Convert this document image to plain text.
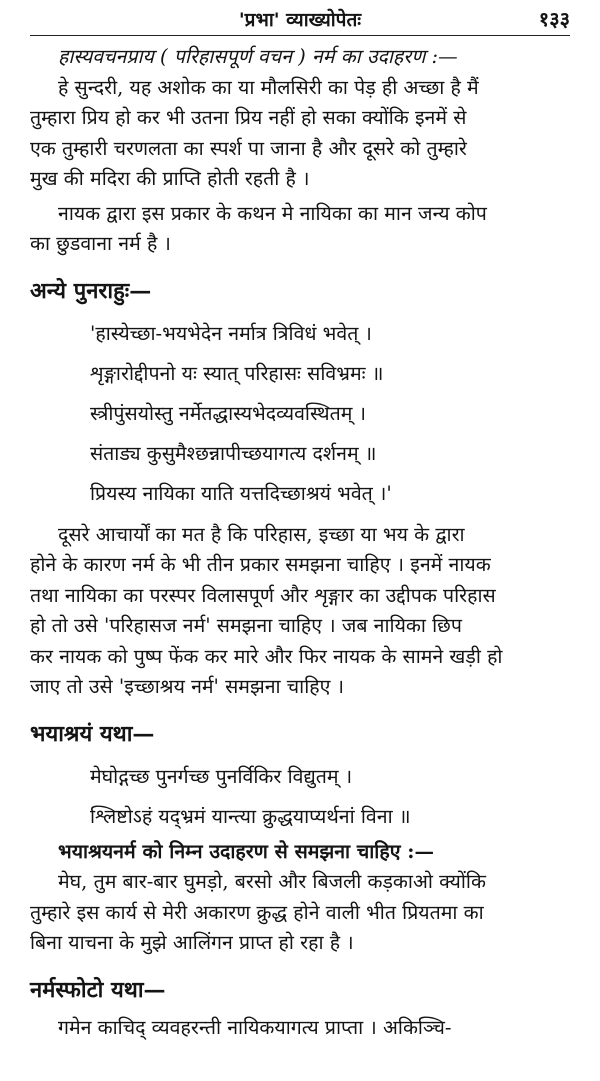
'प्रभा' व्याख्योपेतः	१३३
हास्यवचनप्राय ( परिहासपूर्ण वचन ) नर्म का उदाहरण :—
हे सुन्दरी, यह अशोक का या मौलसिरी का पेड़ ही अच्छा है मैं
तुम्हारा प्रिय हो कर भी उतना प्रिय नहीं हो सका क्योंकि इनमें से
एक तुम्हारी चरणलता का स्पर्श पा जाना है और दूसरे को तुम्हारे
मुख की मदिरा की प्राप्ति होती रहती है ।
नायक द्वारा इस प्रकार के कथन मे नायिका का मान जन्य कोप
का छुडवाना नर्म है ।
अन्ये पुनराहुः—
'हास्येच्छा-भयभेदेन नर्मात्र त्रिविधं भवेत् ।
शृङ्गारोद्दीपनो यः स्यात् परिहासः सविभ्रमः ॥
स्त्रीपुंसयोस्तु नर्मेतद्धास्यभेदव्यवस्थितम् ।
संताड्य कुसुमैश्छन्नापीच्छयागत्य दर्शनम् ॥
प्रियस्य नायिका याति यत्तदिच्छाश्रयं भवेत् ।'
दूसरे आचार्यों का मत है कि परिहास, इच्छा या भय के द्वारा
होने के कारण नर्म के भी तीन प्रकार समझना चाहिए । इनमें नायक
तथा नायिका का परस्पर विलासपूर्ण और शृङ्गार का उद्दीपक परिहास
हो तो उसे 'परिहासज नर्म' समझना चाहिए । जब नायिका छिप
कर नायक को पुष्प फेंक कर मारे और फिर नायक के सामने खड़ी हो
जाए तो उसे 'इच्छाश्रय नर्म' समझना चाहिए ।
भयाश्रयं यथा—
मेघोद्गच्छ पुनर्गच्छ पुनर्विकिर विद्युतम् ।
श्लिष्टोऽहं यद्भ्रमं यान्त्या क्रुद्धयाप्यर्थनां विना ॥
भयाश्रयनर्म को निम्न उदाहरण से समझना चाहिए :—
मेघ, तुम बार-बार घुमड़ो, बरसो और बिजली कड़काओ क्योंकि
तुम्हारे इस कार्य से मेरी अकारण क्रुद्ध होने वाली भीत प्रियतमा का
बिना याचना के मुझे आलिंगन प्राप्त हो रहा है ।
नर्मस्फोटो यथा—
गमेन काचिद् व्यवहरन्ती नायिकयागत्य प्राप्ता । अकिञ्चि-
